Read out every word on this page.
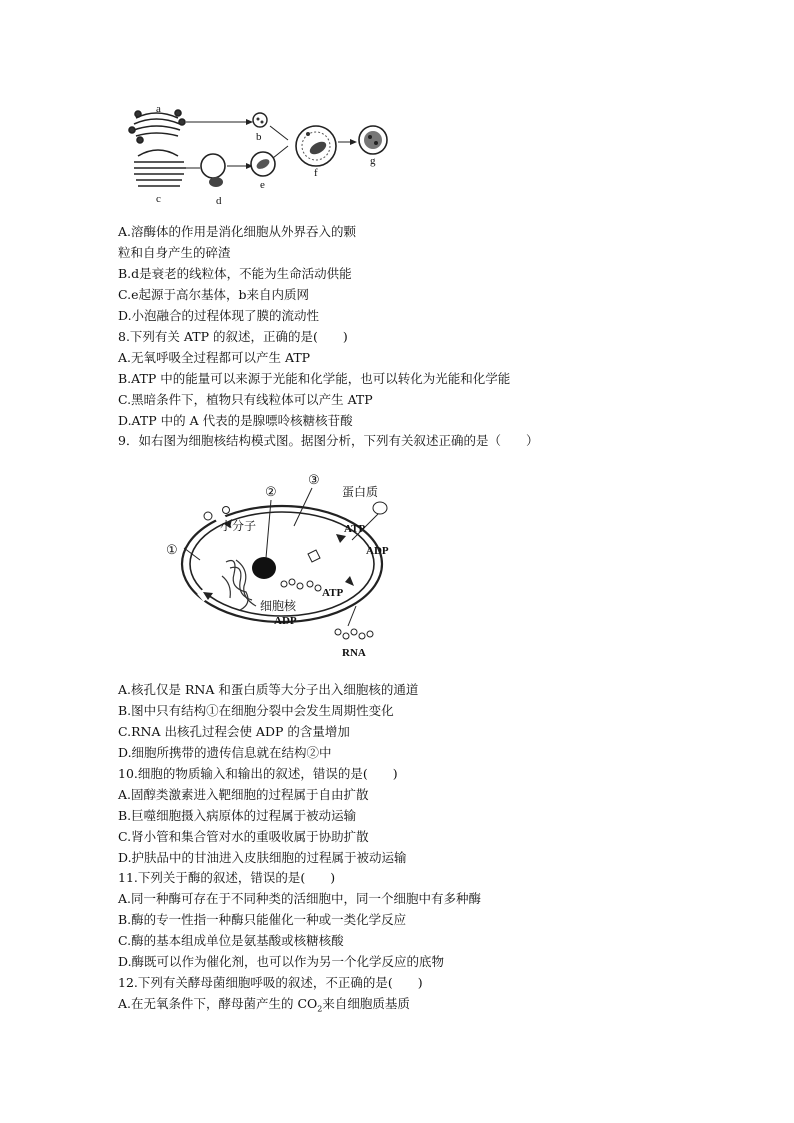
a
b
c	d
e
f
g
A.溶酶体的作用是消化细胞从外界吞入的颗
粒和自身产生的碎渣
B.d是衰老的线粒体，不能为生命活动供能
C.e起源于高尔基体，b来自内质网
D.小泡融合的过程体现了膜的流动性
8.下列有关 ATP 的叙述，正确的是(　　)
A.无氧呼吸全过程都可以产生 ATP
B.ATP 中的能量可以来源于光能和化学能，也可以转化为光能和化学能
C.黑暗条件下，植物只有线粒体可以产生 ATP
D.ATP 中的 A 代表的是腺嘌呤核糖核苷酸
9．如右图为细胞核结构模式图。据图分析，下列有关叙述正确的是（　　）
②
③
①
蛋白质
ATP
ADP
小分子
细胞核
ADP
ATP
RNA
A.核孔仅是 RNA 和蛋白质等大分子出入细胞核的通道
B.图中只有结构①在细胞分裂中会发生周期性变化
C.RNA 出核孔过程会使 ADP 的含量增加
D.细胞所携带的遗传信息就在结构②中
10.细胞的物质输入和输出的叙述，错误的是(　　)
A.固醇类激素进入靶细胞的过程属于自由扩散
B.巨噬细胞摄入病原体的过程属于被动运输
C.肾小管和集合管对水的重吸收属于协助扩散
D.护肤品中的甘油进入皮肤细胞的过程属于被动运输
11.下列关于酶的叙述，错误的是(　　)
A.同一种酶可存在于不同种类的活细胞中，同一个细胞中有多种酶
B.酶的专一性指一种酶只能催化一种或一类化学反应
C.酶的基本组成单位是氨基酸或核糖核酸
D.酶既可以作为催化剂，也可以作为另一个化学反应的底物
12.下列有关酵母菌细胞呼吸的叙述，不正确的是(　　)
A.在无氧条件下，酵母菌产生的 $CO_2$来自细胞质基质
